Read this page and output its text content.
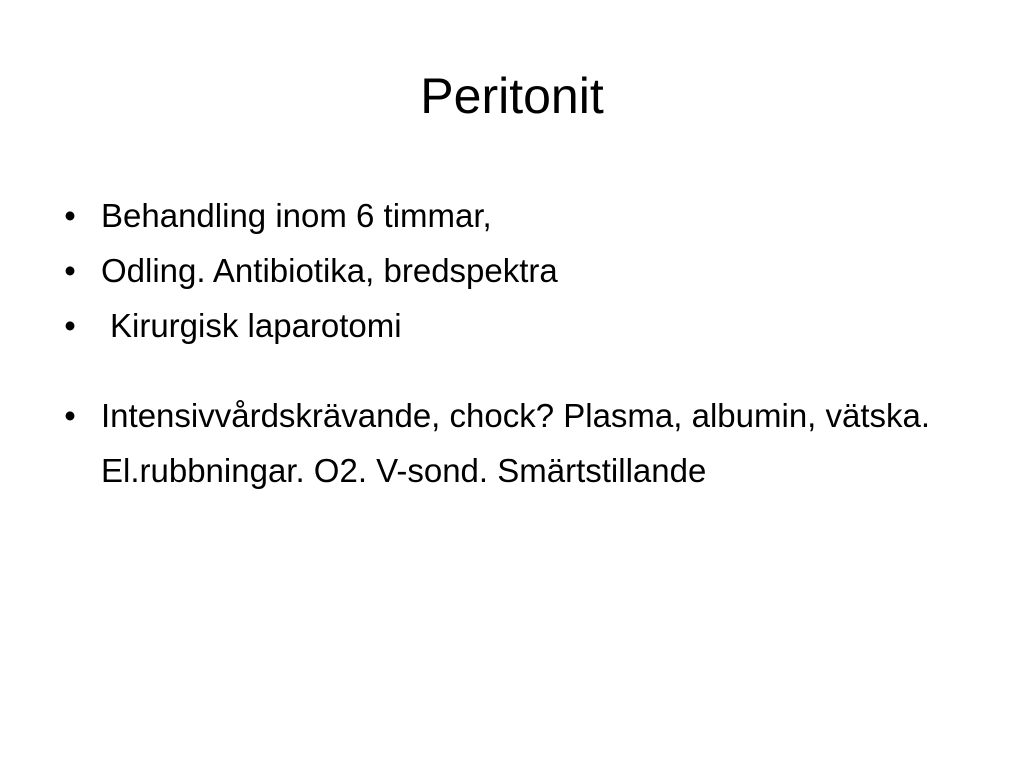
Peritonit
• Behandling inom 6 timmar,
• Odling. Antibiotika, bredspektra
• Kirurgisk laparotomi
• Intensivvårdskrävande, chock? Plasma, albumin, vätska. El.rubbningar. O2. V-sond. Smärtstillande
